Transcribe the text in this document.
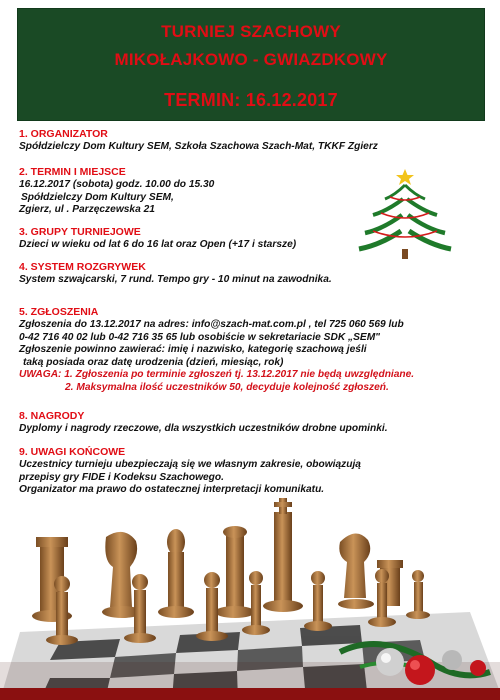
TURNIEJ SZACHOWY
MIKOŁAJKOWO - GWIAZDKOWY
TERMIN: 16.12.2017
1. ORGANIZATOR
Spółdzielczy Dom Kultury SEM, Szkoła Szachowa Szach-Mat, TKKF Zgierz
2. TERMIN I MIEJSCE
16.12.2017 (sobota) godz. 10.00 do 15.30
Spółdzielczy Dom Kultury SEM,
Zgierz, ul . Parzęczewska 21
3. GRUPY TURNIEJOWE
Dzieci w wieku od lat 6 do 16 lat oraz Open (+17 i starsze)
4. SYSTEM ROZGRYWEK
System szwajcarski, 7 rund. Tempo gry - 10 minut na zawodnika.
5. ZGŁOSZENIA
Zgłoszenia do 13.12.2017 na adres: info@szach-mat.com.pl , tel 725 060 569 lub
0-42 716 40 02 lub 0-42 716 35 65 lub osobiście w sekretariacie SDK „SEM"
Zgłoszenie powinno zawierać: imię i nazwisko, kategorię szachową jeśli
taką posiada oraz datę urodzenia (dzień, miesiąc, rok)
UWAGA: 1. Zgłoszenia po terminie zgłoszeń tj. 13.12.2017 nie będą uwzględniane.
2. Maksymalna ilość uczestników 50, decyduje kolejność zgłoszeń.
8. NAGRODY
Dyplomy i nagrody rzeczowe, dla wszystkich uczestników drobne upominki.
9. UWAGI KOŃCOWE
Uczestnicy turnieju ubezpieczają się we własnym zakresie, obowiązują
przepisy gry FIDE i Kodeksu Szachowego.
Organizator ma prawo do ostatecznej interpretacji komunikatu.
